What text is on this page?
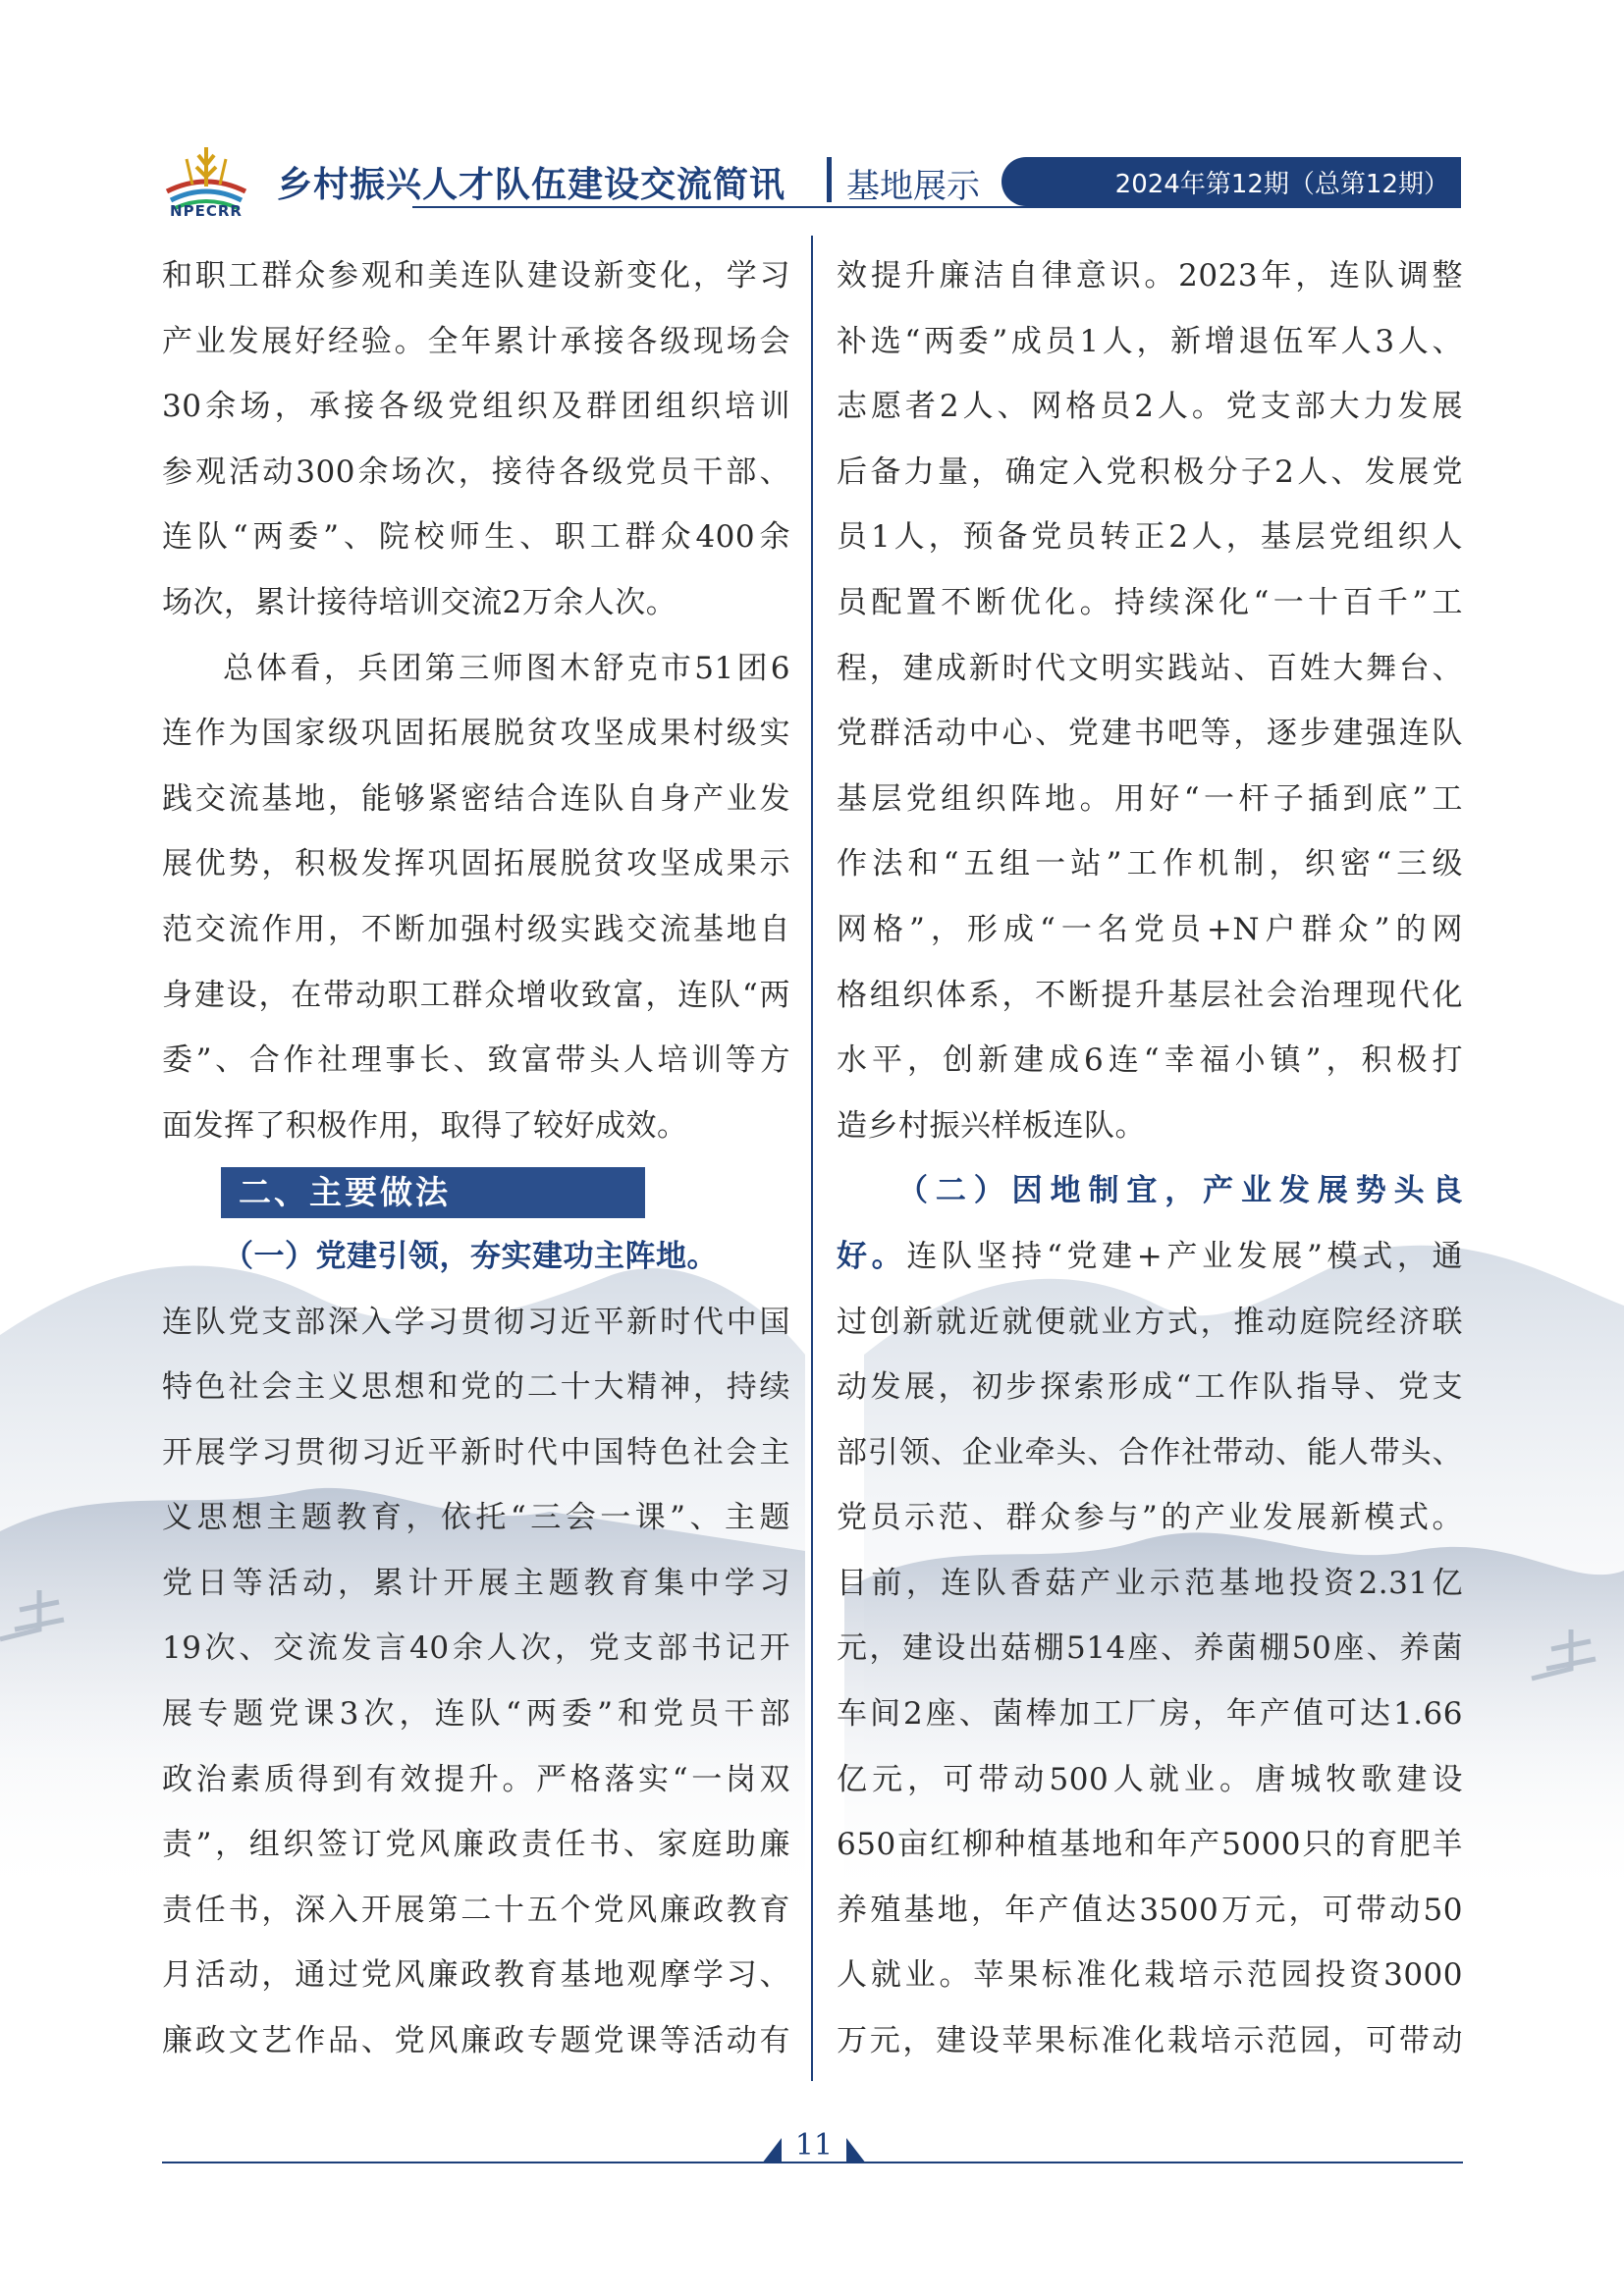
NPECRR
乡村振兴人才队伍建设交流简讯 基地展示	2024年第12期（总第12期）

和职工群众参观和美连队建设新变化，学习

产业发展好经验。全年累计承接各级现场会

30余场，承接各级党组织及群团组织培训

参观活动300余场次，接待各级党员干部、

连队“两委”、院校师生、职工群众400余

场次，累计接待培训交流2万余人次。

总体看，兵团第三师图木舒克市51团6

连作为国家级巩固拓展脱贫攻坚成果村级实

践交流基地，能够紧密结合连队自身产业发

展优势，积极发挥巩固拓展脱贫攻坚成果示

范交流作用，不断加强村级实践交流基地自

身建设，在带动职工群众增收致富，连队“两

委”、合作社理事长、致富带头人培训等方

面发挥了积极作用，取得了较好成效。

二、主要做法

（一）党建引领，夯实建功主阵地。

连队党支部深入学习贯彻习近平新时代中国

特色社会主义思想和党的二十大精神，持续

开展学习贯彻习近平新时代中国特色社会主

义思想主题教育，依托“三会一课”、主题

党日等活动，累计开展主题教育集中学习

19次、交流发言40余人次，党支部书记开

展专题党课3次，连队“两委”和党员干部

政治素质得到有效提升。严格落实“一岗双

责”，组织签订党风廉政责任书、家庭助廉

责任书，深入开展第二十五个党风廉政教育

月活动，通过党风廉政教育基地观摩学习、

廉政文艺作品、党风廉政专题党课等活动有

效提升廉洁自律意识。2023年，连队调整

补选“两委”成员1人，新增退伍军人3人、

志愿者2人、网格员2人。党支部大力发展

后备力量，确定入党积极分子2人、发展党

员1人，预备党员转正2人，基层党组织人

员配置不断优化。持续深化“一十百千”工

程，建成新时代文明实践站、百姓大舞台、

党群活动中心、党建书吧等，逐步建强连队

基层党组织阵地。用好“一杆子插到底”工

作法和“五组一站”工作机制，织密“三级

网格”，形成“一名党员+N户群众”的网

格组织体系，不断提升基层社会治理现代化

水平，创新建成6连“幸福小镇”，积极打

造乡村振兴样板连队。

（二）因地制宜，产业发展势头良

好。连队坚持“党建+产业发展”模式，通

过创新就近就便就业方式，推动庭院经济联

动发展，初步探索形成“工作队指导、党支

部引领、企业牵头、合作社带动、能人带头、

党员示范、群众参与”的产业发展新模式。

目前，连队香菇产业示范基地投资2.31亿

元，建设出菇棚514座、养菌棚50座、养菌

车间2座、菌棒加工厂房，年产值可达1.66

亿元，可带动500人就业。唐城牧歌建设

650亩红柳种植基地和年产5000只的育肥羊

养殖基地，年产值达3500万元，可带动50

人就业。苹果标准化栽培示范园投资3000

万元，建设苹果标准化栽培示范园，可带动

11
